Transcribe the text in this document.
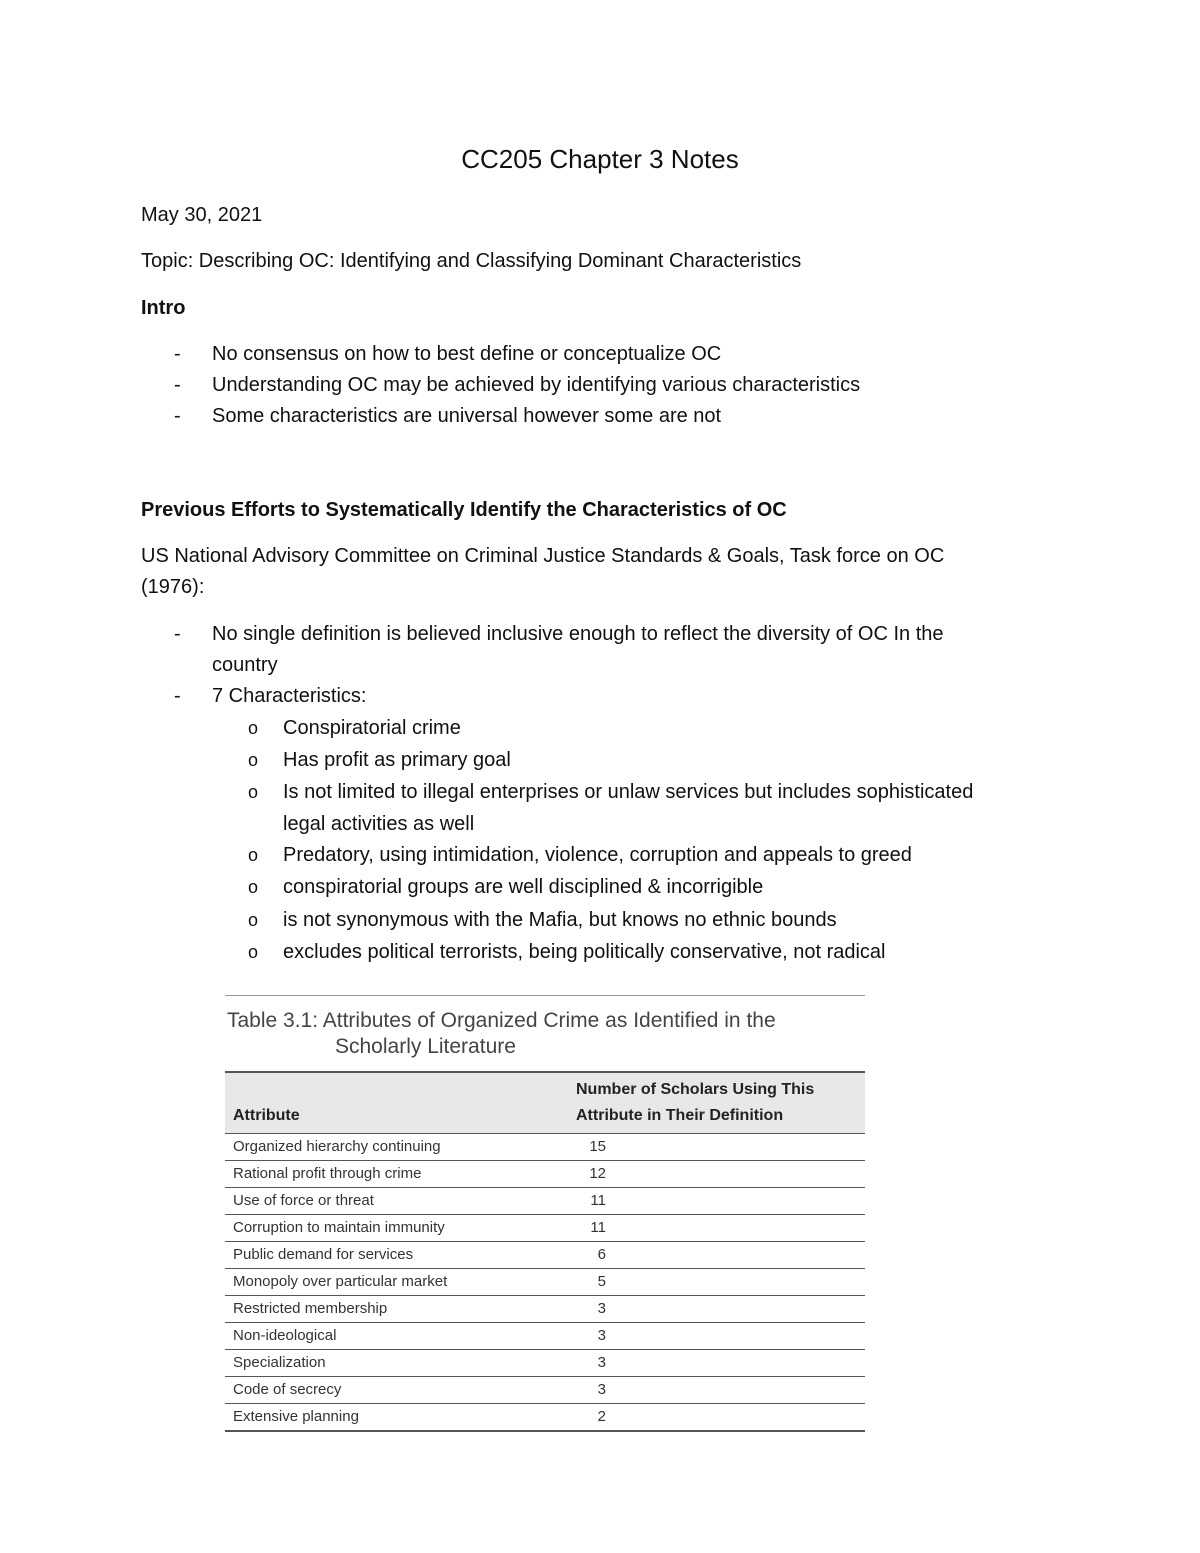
CC205 Chapter 3 Notes

May 30, 2021

Topic: Describing OC: Identifying and Classifying Dominant Characteristics

Intro

- No consensus on how to best define or conceptualize OC
- Understanding OC may be achieved by identifying various characteristics
- Some characteristics are universal however some are not

Previous Efforts to Systematically Identify the Characteristics of OC

US National Advisory Committee on Criminal Justice Standards & Goals, Task force on OC

(1976):

- No single definition is believed inclusive enough to reflect the diversity of OC In the
country
- 7 Characteristics:
o Conspiratorial crime
o Has profit as primary goal
o Is not limited to illegal enterprises or unlaw services but includes sophisticated
legal activities as well
o Predatory, using intimidation, violence, corruption and appeals to greed
o conspiratorial groups are well disciplined & incorrigible
o is not synonymous with the Mafia, but knows no ethnic bounds
o excludes political terrorists, being politically conservative, not radical
Table 3.1: Attributes of Organized Crime as Identified in the
Scholarly Literature
Attribute	Number of Scholars Using This
Attribute in Their Definition
Organized hierarchy continuing	15
Rational profit through crime	12
Use of force or threat	11
Corruption to maintain immunity	11
Public demand for services	6
Monopoly over particular market	5
Restricted membership	3
Non-ideological	3
Specialization	3
Code of secrecy	3
Extensive planning	2
